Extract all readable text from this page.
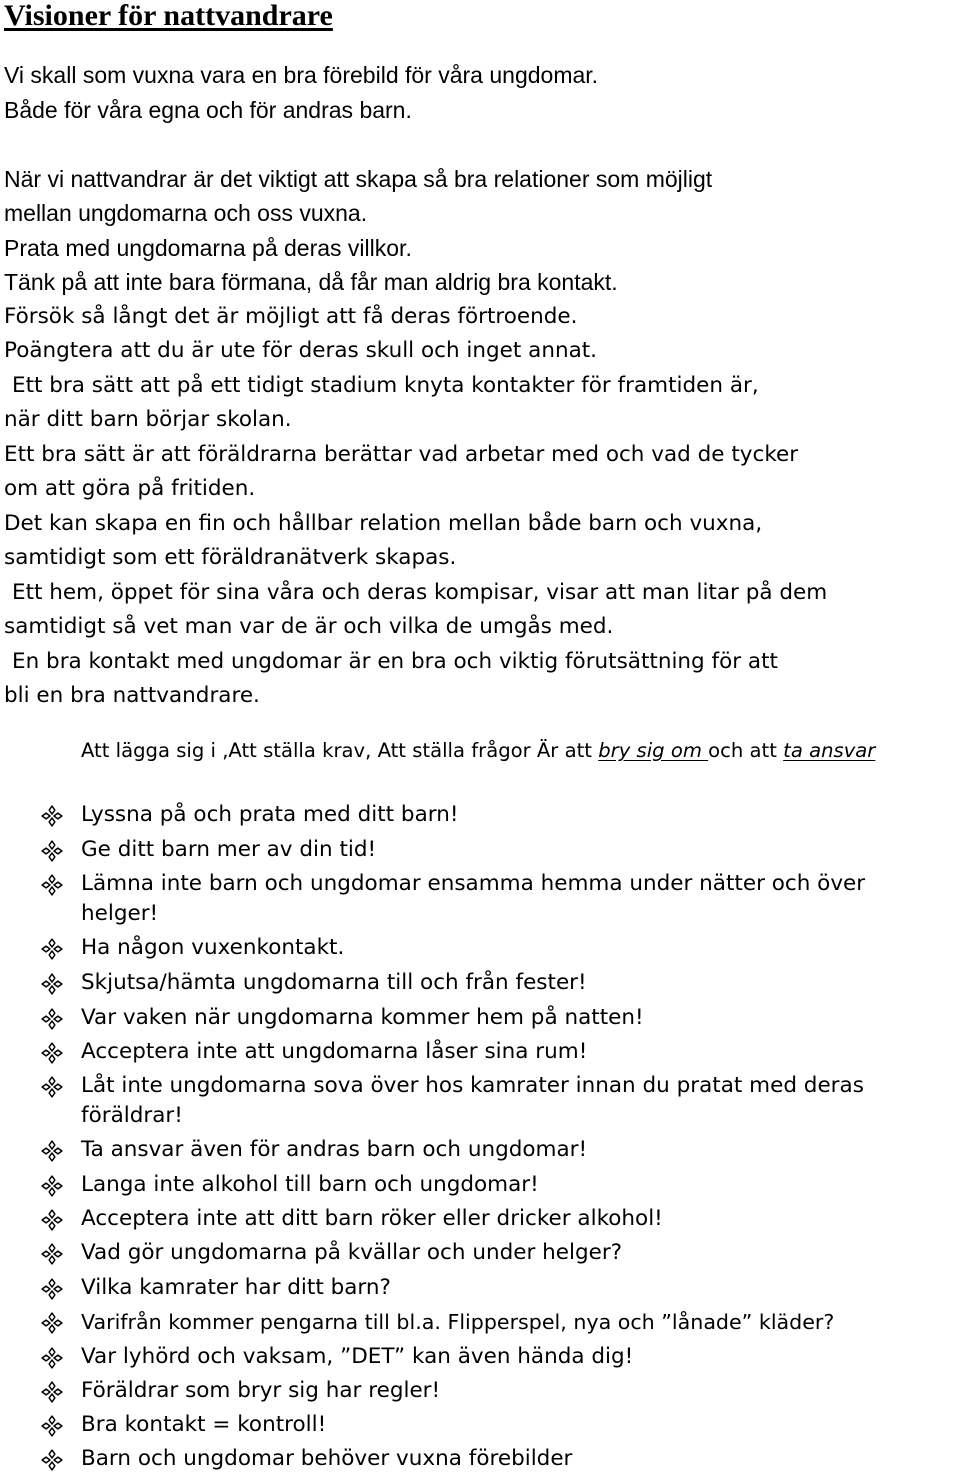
Visioner för nattvandrare
Vi skall som vuxna vara en bra förebild för våra ungdomar.
Både för våra egna och för andras barn.
När vi nattvandrar är det viktigt att skapa så bra relationer som möjligt
mellan ungdomarna och oss vuxna.
Prata med ungdomarna på deras villkor.
Tänk på att inte bara förmana, då får man aldrig bra kontakt.
Försök så långt det är möjligt att få deras förtroende.
Poängtera att du är ute för deras skull och inget annat.
Ett bra sätt att på ett tidigt stadium knyta kontakter för framtiden är,
när ditt barn börjar skolan.
Ett bra sätt är att föräldrarna berättar vad arbetar med och vad de tycker
om att göra på fritiden.
Det kan skapa en fin och hållbar relation mellan både barn och vuxna,
samtidigt som ett föräldranätverk skapas.
Ett hem, öppet för sina våra och deras kompisar, visar att man litar på dem
samtidigt så vet man var de är och vilka de umgås med.
En bra kontakt med ungdomar är en bra och viktig förutsättning för att
bli en bra nattvandrare.

Att lägga sig i ,Att ställa krav, Att ställa frågor Är att bry sig om och att ta ansvar

Lyssna på och prata med ditt barn!
Ge ditt barn mer av din tid!
Lämna inte barn och ungdomar ensamma hemma under nätter och över helger!
Ha någon vuxenkontakt.
Skjutsa/hämta ungdomarna till och från fester!
Var vaken när ungdomarna kommer hem på natten!
Acceptera inte att ungdomarna låser sina rum!
Låt inte ungdomarna sova över hos kamrater innan du pratat med deras föräldrar!
Ta ansvar även för andras barn och ungdomar!
Langa inte alkohol till barn och ungdomar!
Acceptera inte att ditt barn röker eller dricker alkohol!
Vad gör ungdomarna på kvällar och under helger?
Vilka kamrater har ditt barn?
Varifrån kommer pengarna till bl.a. Flipperspel, nya och ”lånade” kläder?
Var lyhörd och vaksam, ”DET” kan även hända dig!
Föräldrar som bryr sig har regler!
Bra kontakt = kontroll!
Barn och ungdomar behöver vuxna förebilder
